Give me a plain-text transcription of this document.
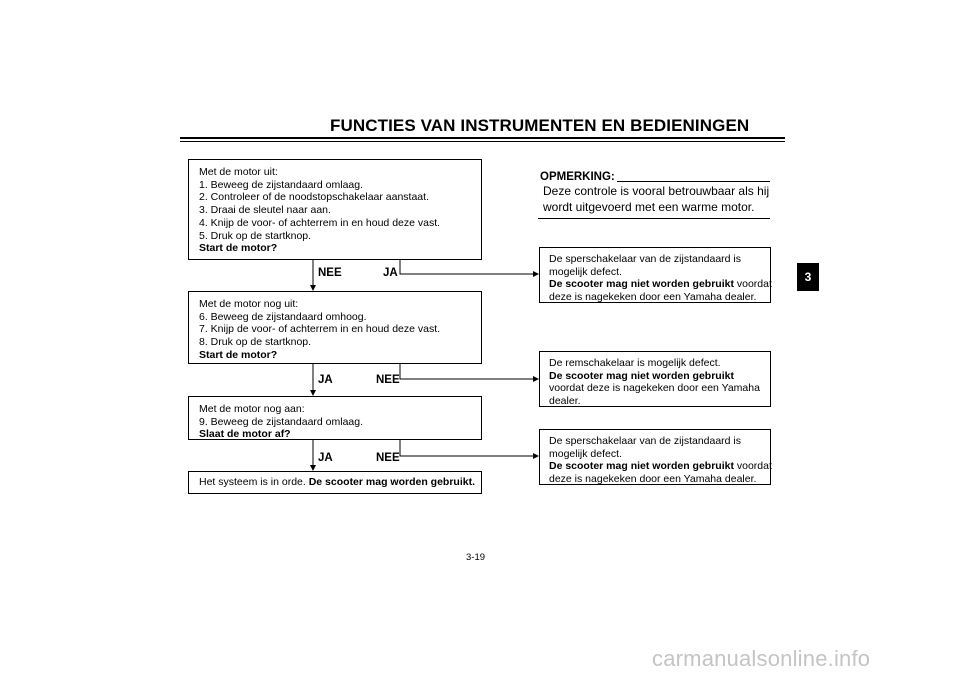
FUNCTIES VAN INSTRUMENTEN EN BEDIENINGEN
3
Met de motor uit:
1. Beweeg de zijstandaard omlaag.
2. Controleer of de noodstopschakelaar aanstaat.
3. Draai de sleutel naar aan.
4. Knijp de voor- of achterrem in en houd deze vast.
5. Druk op de startknop.
Start de motor?
NEE	JA
Met de motor nog uit:
6. Beweeg de zijstandaard omhoog.
7. Knijp de voor- of achterrem in en houd deze vast.
8. Druk op de startknop.
Start de motor?
JA	NEE
Met de motor nog aan:
9. Beweeg de zijstandaard omlaag.
Slaat de motor af?
JA	NEE
Het systeem is in orde. De scooter mag worden gebruikt.
OPMERKING:
Deze controle is vooral betrouwbaar als hij
wordt uitgevoerd met een warme motor.
De sperschakelaar van de zijstandaard is
mogelijk defect.
De scooter mag niet worden gebruikt voordat
deze is nagekeken door een Yamaha dealer.
De remschakelaar is mogelijk defect.
De scooter mag niet worden gebruikt
voordat deze is nagekeken door een Yamaha
dealer.
De sperschakelaar van de zijstandaard is
mogelijk defect.
De scooter mag niet worden gebruikt voordat
deze is nagekeken door een Yamaha dealer.
3-19
carmanualsonline.info
